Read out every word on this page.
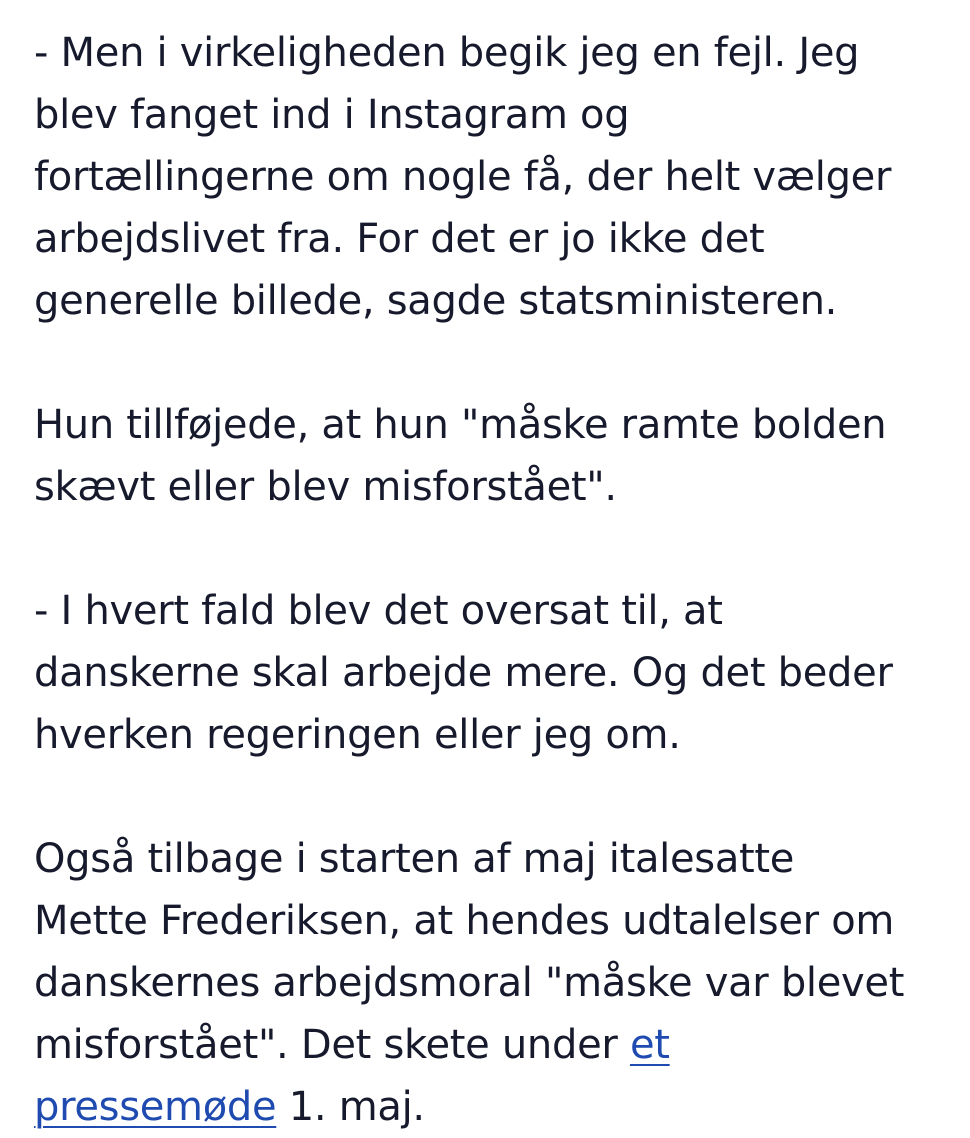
- Men i virkeligheden begik jeg en fejl. Jeg
blev fanget ind i Instagram og
fortællingerne om nogle få, der helt vælger
arbejdslivet fra. For det er jo ikke det
generelle billede, sagde statsministeren.

Hun tillføjede, at hun "måske ramte bolden
skævt eller blev misforstået".

- I hvert fald blev det oversat til, at
danskerne skal arbejde mere. Og det beder
hverken regeringen eller jeg om.

Også tilbage i starten af maj italesatte
Mette Frederiksen, at hendes udtalelser om
danskernes arbejdsmoral "måske var blevet
misforstået". Det skete under et
pressemøde 1. maj.
